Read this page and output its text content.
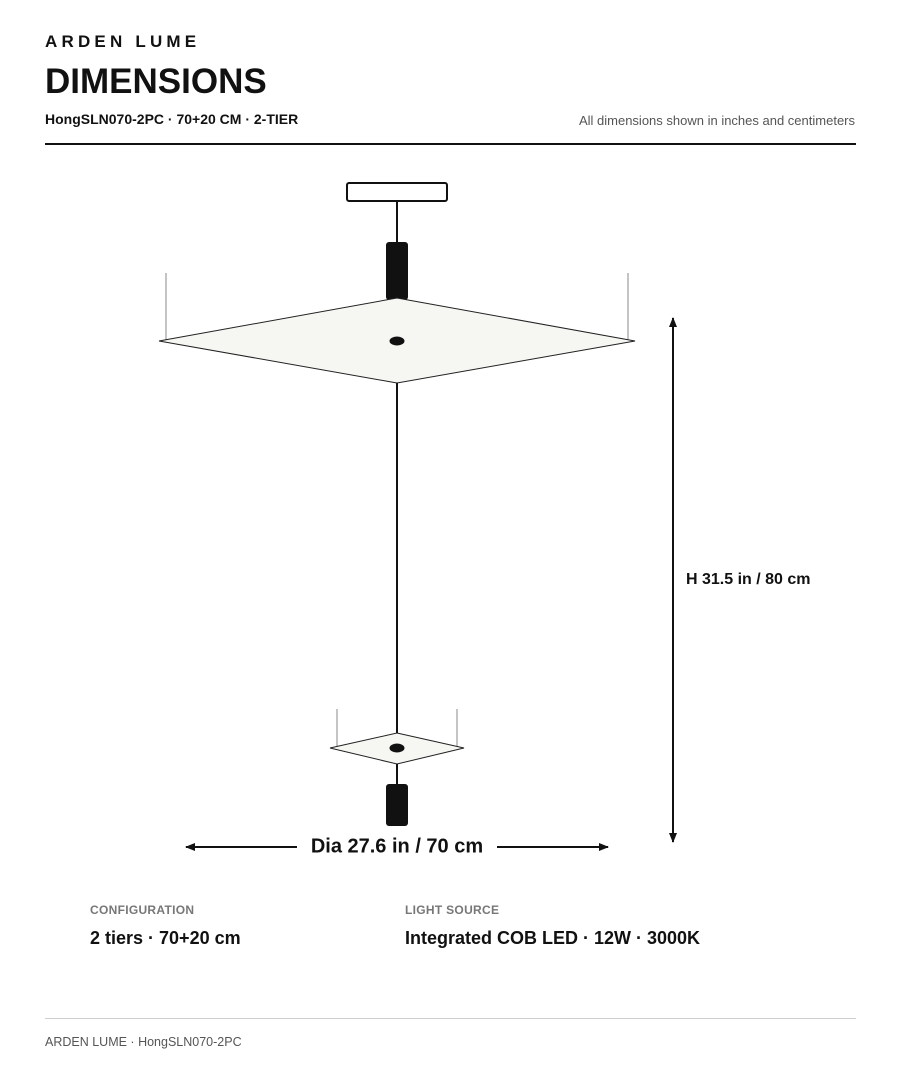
ARDEN LUME
DIMENSIONS
HongSLN070-2PC · 70+20 CM · 2-TIER	All dimensions shown in inches and centimeters
H 31.5 in / 80 cm
Dia 27.6 in / 70 cm
CONFIGURATION
2 tiers · 70+20 cm
LIGHT SOURCE
Integrated COB LED · 12W · 3000K
ARDEN LUME · HongSLN070-2PC
